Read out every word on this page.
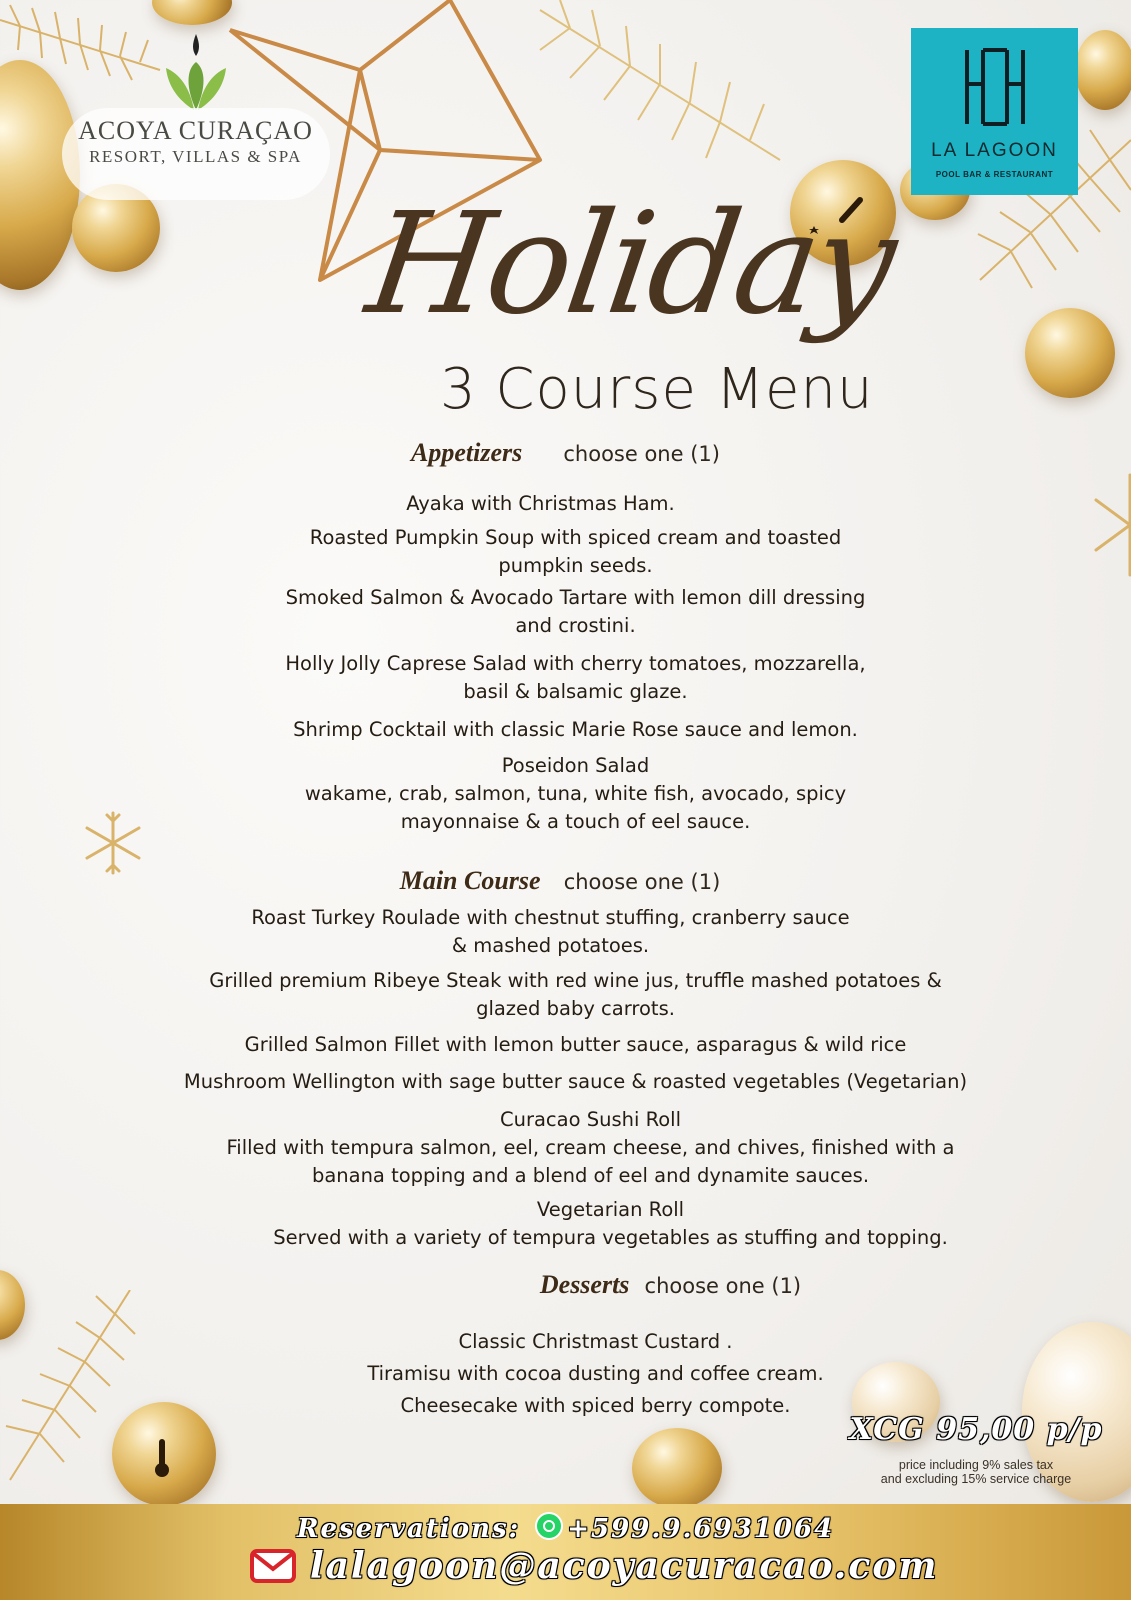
ACOYA CURAÇAO
RESORT, VILLAS & SPA	LA LAGOON
POOL BAR & RESTAURANT
Holiday
3 Course Menu
Appetizers choose one (1)
Ayaka with Christmas Ham.
Roasted Pumpkin Soup with spiced cream and toasted
pumpkin seeds.
Smoked Salmon & Avocado Tartare with lemon dill dressing
and crostini.
Holly Jolly Caprese Salad with cherry tomatoes, mozzarella,
basil & balsamic glaze.
Shrimp Cocktail with classic Marie Rose sauce and lemon.
Poseidon Salad
wakame, crab, salmon, tuna, white fish, avocado, spicy
mayonnaise & a touch of eel sauce.
Main Course choose one (1)
Roast Turkey Roulade with chestnut stuffing, cranberry sauce
& mashed potatoes.
Grilled premium Ribeye Steak with red wine jus, truffle mashed potatoes &
glazed baby carrots.
Grilled Salmon Fillet with lemon butter sauce, asparagus & wild rice
Mushroom Wellington with sage butter sauce & roasted vegetables (Vegetarian)
Curacao Sushi Roll
Filled with tempura salmon, eel, cream cheese, and chives, finished with a
banana topping and a blend of eel and dynamite sauces.
Vegetarian Roll
Served with a variety of tempura vegetables as stuffing and topping.
Desserts choose one (1)
Classic Christmast Custard .
Tiramisu with cocoa dusting and coffee cream.
Cheesecake with spiced berry compote.
XCG 95,00 p/p
price including 9% sales tax
and excluding 15% service charge
Reservations: +599.9.6931064
lalagoon@acoyacuracao.com
